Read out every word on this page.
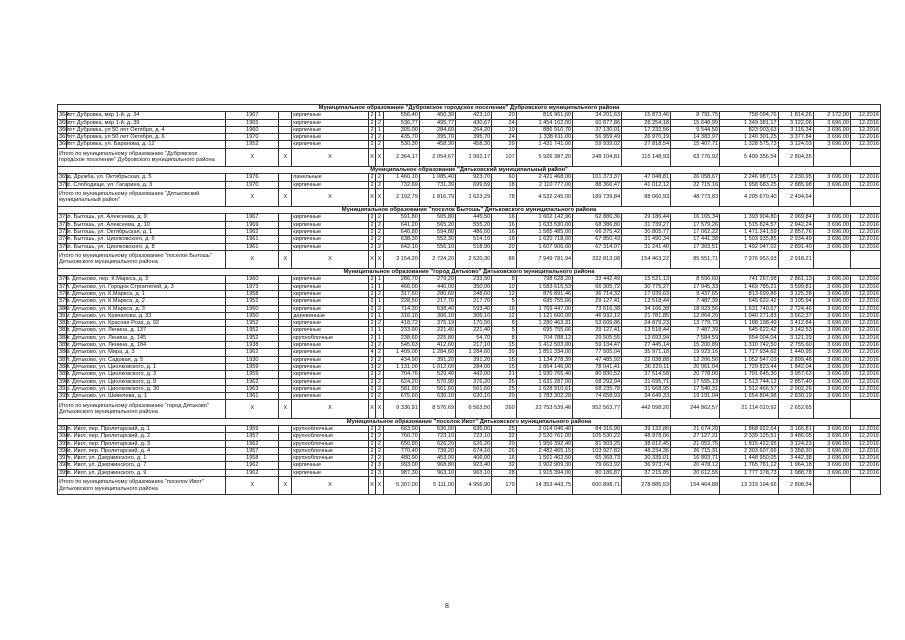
Муниципальное образование "Дубровское городское поселение" Дубровского муниципального района																		
364	пгт Дубровка, мкр 1-й, д. 34	1967		кирпичные	2	1	556,40	450,30	423,10	20	816 961,60	34 201,63	15 873,46	8 791,75	758 094,76	1 814,26	2 172,00	12.2016
365	пгт Дубровка, мкр 1-й, д. 39	1965		кирпичные	2	2	536,77	495,77	430,67	24	1 454 162,00	60 877,86	28 254,18	15 648,99	1 349 381,17	3 122,06	3 696,00	12.2016
366	пгт Дубровка, ул 50 лет Октября, д. 4	1960		кирпичные	2	1	305,00	284,60	264,20	10	886 910,70	37 130,01	17 232,56	9 544,50	823 003,63	3 116,34	3 696,00	12.2016
367	пгт Дубровка, ул 50 лет Октября, д. 6	1970		кирпичные	2	2	435,70	395,70	395,70	24	1 338 611,00	56 959,49	26 970,19	14 383,97	1 240 301,25	3 377,84	3 696,00	12.2016
368	пгт Дубровка, ул. Баранова, д. 12	1952		кирпичные	2	2	530,30	458,30	458,30	29	1 431 741,00	59 939,02	27 818,54	15 407,71	1 328 575,73	3 124,03	3 696,00	12.2016
Итого по муниципальному образованию "Дубровское городское поселение" Дубровского муниципального района		X	X	X	X	X	2 364,17	2 054,67	1 992,17	107	5 926 387,20	248 104,81	115 148,93	63 776,92	5 499 356,54	2 804,35		
Муниципальное образование "Дятьковский муниципальный район"																		
369	д. Дружба, ул. Октябрьская, д. 5	1976		панельные	2	2	1 460,10	1 085,40	923,70	60	2 421 468,00	101 373,37	47 048,81	26 058,67	2 246 987,15	2 230,95	3 696,00	12.2016
370	с. Слободище, ул. Гагарина, д. 3	1970		кирпичные	2	2	732,69	731,39	699,59	18	2 110 777,00	88 366,47	41 012,12	22 715,16	1 958 683,25	2 885,98	3 696,00	12.2016
Итого по муниципальному образованию "Дятьковский муниципальный район"		X	X	X	X	X	2 192,79	1 816,79	1 623,29	78	4 532 245,00	189 739,84	88 060,93	48 773,83	4 205 670,40	2 494,64		
Муниципальное образование "поселок Бытошь" Дятьковского муниципального района																		
371	п. Бытошь, ул. Алексеева, д. 9	1967		кирпичные	2	2	591,80	505,80	445,50	16	1 602 142,96	62 886,36	29 186,44	16 165,34	1 393 904,80	2 969,84	3 696,00	12.2016
372	п. Бытошь, ул. Алексеева, д. 10	1969		кирпичные	2	2	641,20	565,20	555,20	16	1 633 530,00	68 386,80	31 739,27	17 579,26	1 515 824,57	2 942,24	3 696,00	12.2016
373	п. Бытошь, ул. Октябрьская, д. 1	1962		кирпичные	2	2	640,80	594,80	486,60	16	1 585 485,00	66 375,42	30 805,77	17 062,22	1 471 241,59	2 857,76	3 696,00	12.2016
374	п. Бытошь, ул. Циолковского, д. 6	1961		кирпичные	2	2	638,30	552,30	514,10	16	1 620 718,00	67 850,43	31 490,34	17 441,38	1 503 935,85	2 934,49	3 696,00	12.2016
375	п. Бытошь, ул. Циолковского, д. 8	1961		кирпичные	2	2	642,10	556,10	518,90	20	1 607 906,00	67 314,07	31 241,40	17 303,51	1 492 047,02	2 891,40	3 696,00	12.2016
Итого по муниципальному образованию "поселок Бытошь" Дятьковского муниципального района		X	X	X	X	X	3 154,20	2 724,20	2 520,30	86	7 949 781,94	332 813,08	154 463,22	85 551,71	7 376 953,93	2 918,21		
Муниципальное образование "город Дятьково" Дятьковского муниципального района																		
376	г. Дятьково, пер. К.Маркса, д. 3	1960		кирпичные	2	1	286,70	279,20	233,90	8	798 628,20	33 442,49	15 521,13	8 596,60	741 267,98	2 861,13	3 696,00	12.2016
377	г. Дятьково, ул. Городок Строителей, д. 3	1973		кирпичные	1	1	466,00	440,00	350,00	10	1 583 615,53	66 305,72	30 775,27	17 045,33	1 469 785,21	3 599,81	3 696,00	12.2016
378	г. Дятьково, ул. К.Маркса, д. 1	1958		кирпичные	2	2	317,50	280,60	248,60	12	876 891,46	36 714,32	17 039,63	9 437,65	813 699,86	3 125,28	3 696,00	12.2016
379	г. Дятьково, ул. К.Маркса, д. 2	1952		кирпичные	2	1	228,50	217,70	217,70	5	695 755,66	29 127,41	13 518,44	7 487,39	645 622,42	3 195,94	3 696,00	12.2016
380	г. Дятьково, ул. К.Маркса, д. 3	1960		кирпичные	2	2	714,30	638,40	593,40	16	1 769 447,00	73 616,38	34 166,38	18 923,56	1 631 740,67	2 724,46	3 696,00	12.2016
381	г. Дятьково, ул. Крачаповa, д. 33	1950		деревянные	2	1	316,10	306,10	306,10	12	1 121 660,00	46 932,12	21 781,85	12 064,20	1 040 271,83	3 662,37	3 696,00	12.2016
382	г. Дятьково, ул. Красная Роза, д. 92	1952		кирпичные	2	2	418,72	375,19	170,50	8	1 280 463,31	53 606,86	24 879,23	13 779,73	1 188 198,49	3 412,84	3 696,00	12.2016
383	г. Дятьково, ул. Ленина, д. 137	1952		кирпичные	1	1	233,90	221,40	221,40	5	695 755,66	29 127,41	13 518,44	7 487,39	645 622,42	3 142,53	3 696,00	12.2016
384	г. Дятьково, ул. Ленина, д. 145	1952		крупноблочные	2	1	238,60	225,80	54,70	8	704 788,12	29 505,55	13 693,94	7 584,59	654 004,04	3 121,29	3 696,00	12.2016
385	г. Дятьково, ул. Ленина, д. 184	1938		кирпичные	2	2	545,63	412,60	217,10	15	1 412 503,00	59 134,47	27 445,14	15 200,89	1 310 742,50	2 755,60	3 696,00	12.2016
386	г. Дятьково, ул. Мира, д. 3	1962		кирпичные	4	2	1 409,00	1 284,60	1 284,60	39	1 851 334,00	77 505,04	35 971,18	19 923,16	1 717 934,62	1 440,95	3 696,00	12.2016
387	г. Дятьково, ул. Садовая, д. 5	1930		кирпичные	2	2	434,90	391,20	391,20	15	1 134 278,39	47 485,92	22 038,88	12 206,56	1 052 547,03	2 899,48	3 696,00	12.2016
388	г. Дятьково, ул. Циолковского, д. 1	1959		кирпичные	3	2	1 131,00	1 012,60	284,00	15	1 864 146,00	78 041,41	36 220,11	20 061,04	1 729 823,44	1 842,04	3 696,00	12.2016
389	г. Дятьково, ул. Циолковского, д. 3	1959		кирпичные	2	2	704,76	529,40	442,00	21	1 930 765,40	80 830,52	37 514,58	20 778,00	1 791 645,30	3 057,63	3 696,00	12.2016
390	г. Дятьково, ул. Циолковского, д. 9	1962		кирпичные	2	2	624,20	570,90	376,20	25	1 631 287,00	68 292,94	31 695,71	17 555,13	1 513 744,12	2 857,40	3 696,00	12.2016
391	г. Дятьково, ул. Циолковского, д. 30	1963		кирпичные	2	2	581,90	561,60	561,60	25	1 628 910,61	68 235,78	31 668,95	17 540,31	1 512 466,57	2 902,26	3 696,00	12.2016
392	г. Дятьково, ул. Шевелева, д. 1	1961		кирпичные	2	2	675,60	630,10	630,10	20	1 783 302,28	74 658,93	34 649,33	19 191,04	1 654 804,98	2 830,19	3 696,00	12.2016
Итого по муниципальному образованию "город Дятьково" Дятьковского муниципального района		X	X	X	X	X	9 336,91	8 576,69	6 563,50	260	22 753 539,46	952 563,77	442 098,20	244 862,57	21 114 010,92	2 652,65		
Муниципальное образование "поселок Ивот" Дятьковского муниципального района																		
393	п. Ивот, пер. Пролетарский, д. 1	1959		крупноблочные	2	2	663,90	636,00	636,00	25	2 014 046,40	84 316,90	39 132,86	21 674,20	1 868 922,64	3 166,81	3 696,00	12.2016
394	п. Ивот, пер. Пролетарский, д. 2	1957		крупноблочные	2	2	760,70	723,10	723,10	32	2 520 761,00	105 530,22	48 978,06	27 127,21	2 339 125,51	3 486,05	3 696,00	12.2016
395	п. Ивот, пер. Пролетарский, д. 3	1962		крупноблочные	2	2	650,80	626,20	626,20	20	1 956 392,40	81 903,25	38 012,45	21 053,75	1 815 422,95	3 124,23	3 696,00	12.2016
396	п. Ивот, пер. Пролетарский, д. 4	1957		крупноблочные	2	2	770,40	739,20	674,10	26	2 482 465,15	103 927,82	48 234,36	26 715,31	2 303 607,66	3 358,30	3 696,00	12.2016
397	п. Ивот, ул. Дзержинского, д. 1	1958		крупноблочные	2	2	480,90	453,00	406,00	16	1 561 462,50	65 369,73	30 339,01	16 803,71	1 448 950,05	3 442,38	3 696,00	12.2016
398	п. Ивот, ул. Дзержинского, д. 7	1962		кирпичные	2	3	993,00	968,80	923,40	32	1 902 909,30	79 663,92	36 973,74	20 478,12	1 765 781,12	1 964,18	3 696,00	12.2016
399	п. Ивот, ул. Дзержинского, д. 9	1962		кирпичные	2	3	987,30	963,10	963,10	28	1 915 394,00	80 186,87	37 215,85	20 612,55	1 777 378,73	1 988,78	3 696,00	12.2016
Итого по муниципальному образованию "поселок Ивот" Дятьковского муниципального района		X	X	X	X	X	5 307,00	5 111,00	4 956,90	179	14 353 443,75	600 898,71	278 885,53	154 464,88	13 319 194,66	2 808,34		
8
